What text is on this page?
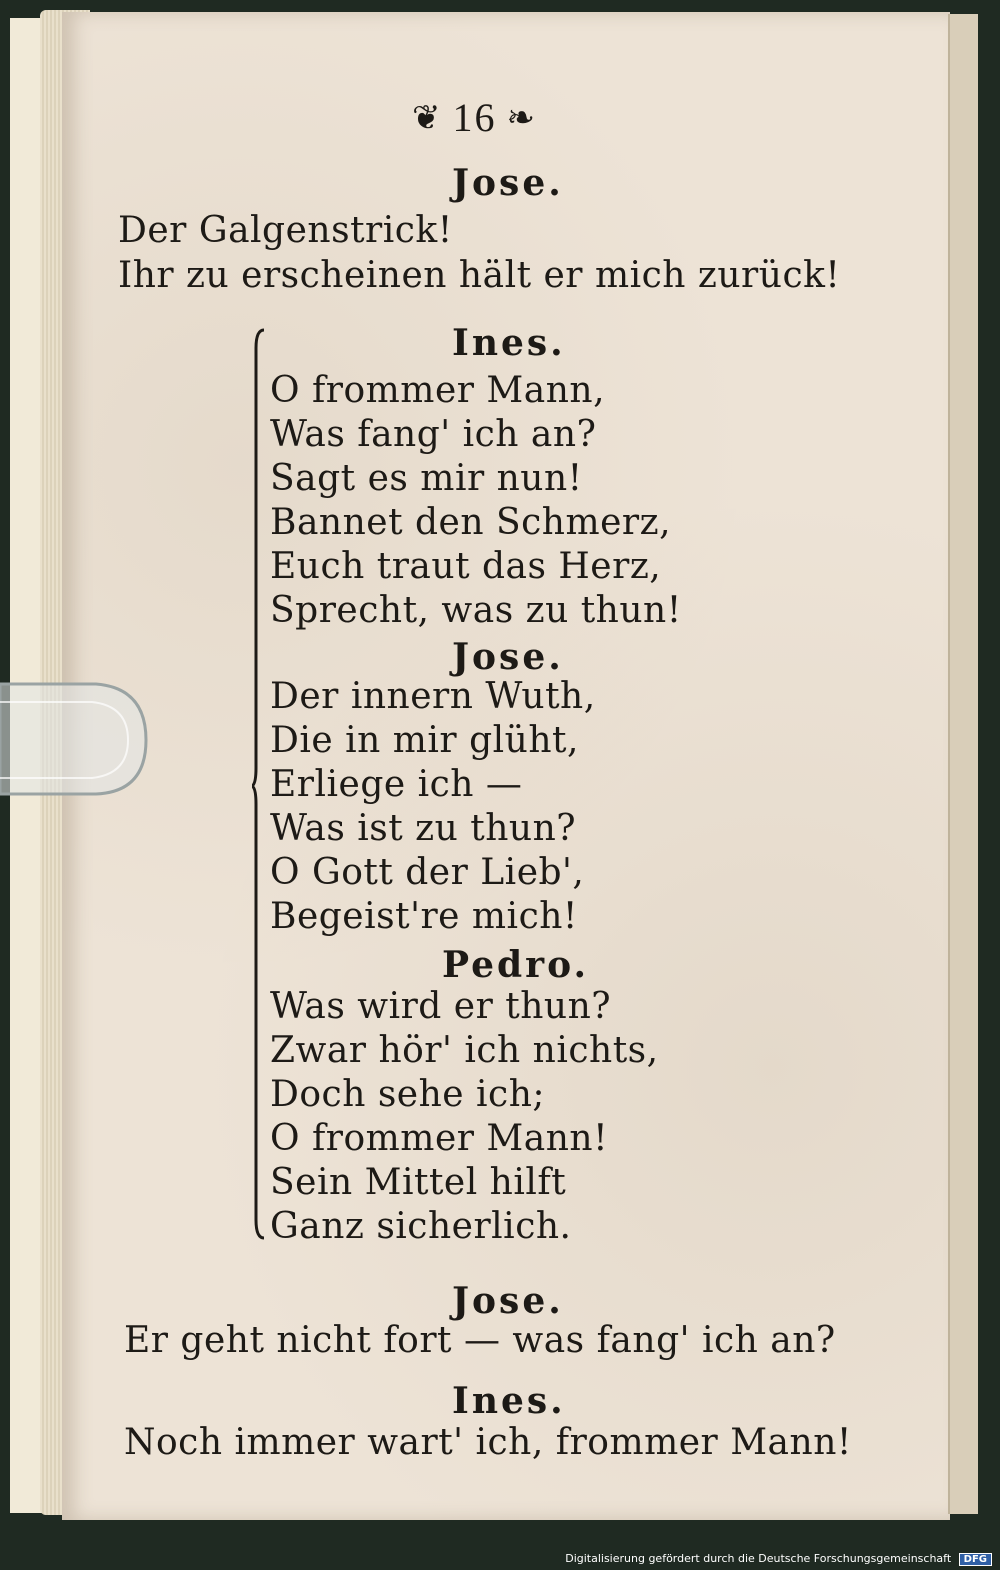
❦ 16 ❧
Jose.
Der Galgenstrick!
Ihr zu erscheinen hält er mich zurück!
Ines.
O frommer Mann,
Was fang' ich an?
Sagt es mir nun!
Bannet den Schmerz,
Euch traut das Herz,
Sprecht, was zu thun!
Jose.
Der innern Wuth,
Die in mir glüht,
Erliege ich —
Was ist zu thun?
O Gott der Lieb',
Begeist're mich!
Pedro.
Was wird er thun?
Zwar hör' ich nichts,
Doch sehe ich;
O frommer Mann!
Sein Mittel hilft
Ganz sicherlich.
Jose.
Er geht nicht fort — was fang' ich an?
Ines.
Noch immer wart' ich, frommer Mann!
Digitalisierung gefördert durch die Deutsche Forschungsgemeinschaft DFG
